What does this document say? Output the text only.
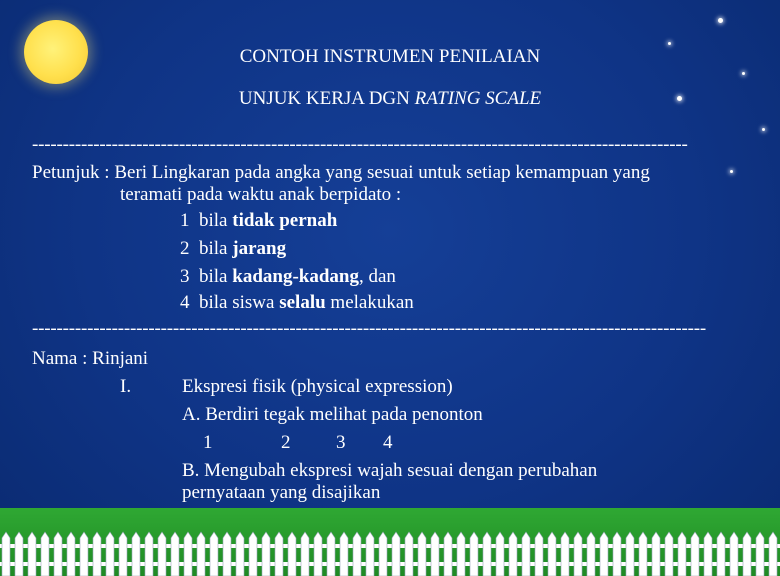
CONTOH INSTRUMEN PENILAIAN
UNJUK KERJA DGN RATING SCALE
-----------------------------------------------------------------------------------------------------------
Petunjuk : Beri Lingkaran pada angka yang sesuai untuk setiap kemampuan yang
teramati pada waktu anak berpidato :
1 bila tidak pernah
2 bila jarang
3 bila kadang-kadang, dan
4 bila siswa selalu melakukan
--------------------------------------------------------------------------------------------------------------
Nama : Rinjani
I.	Ekspresi fisik (physical expression)
A. Berdiri tegak melihat pada penonton
1	2 3 4
B. Mengubah ekspresi wajah sesuai dengan perubahan
pernyataan yang disajikan
